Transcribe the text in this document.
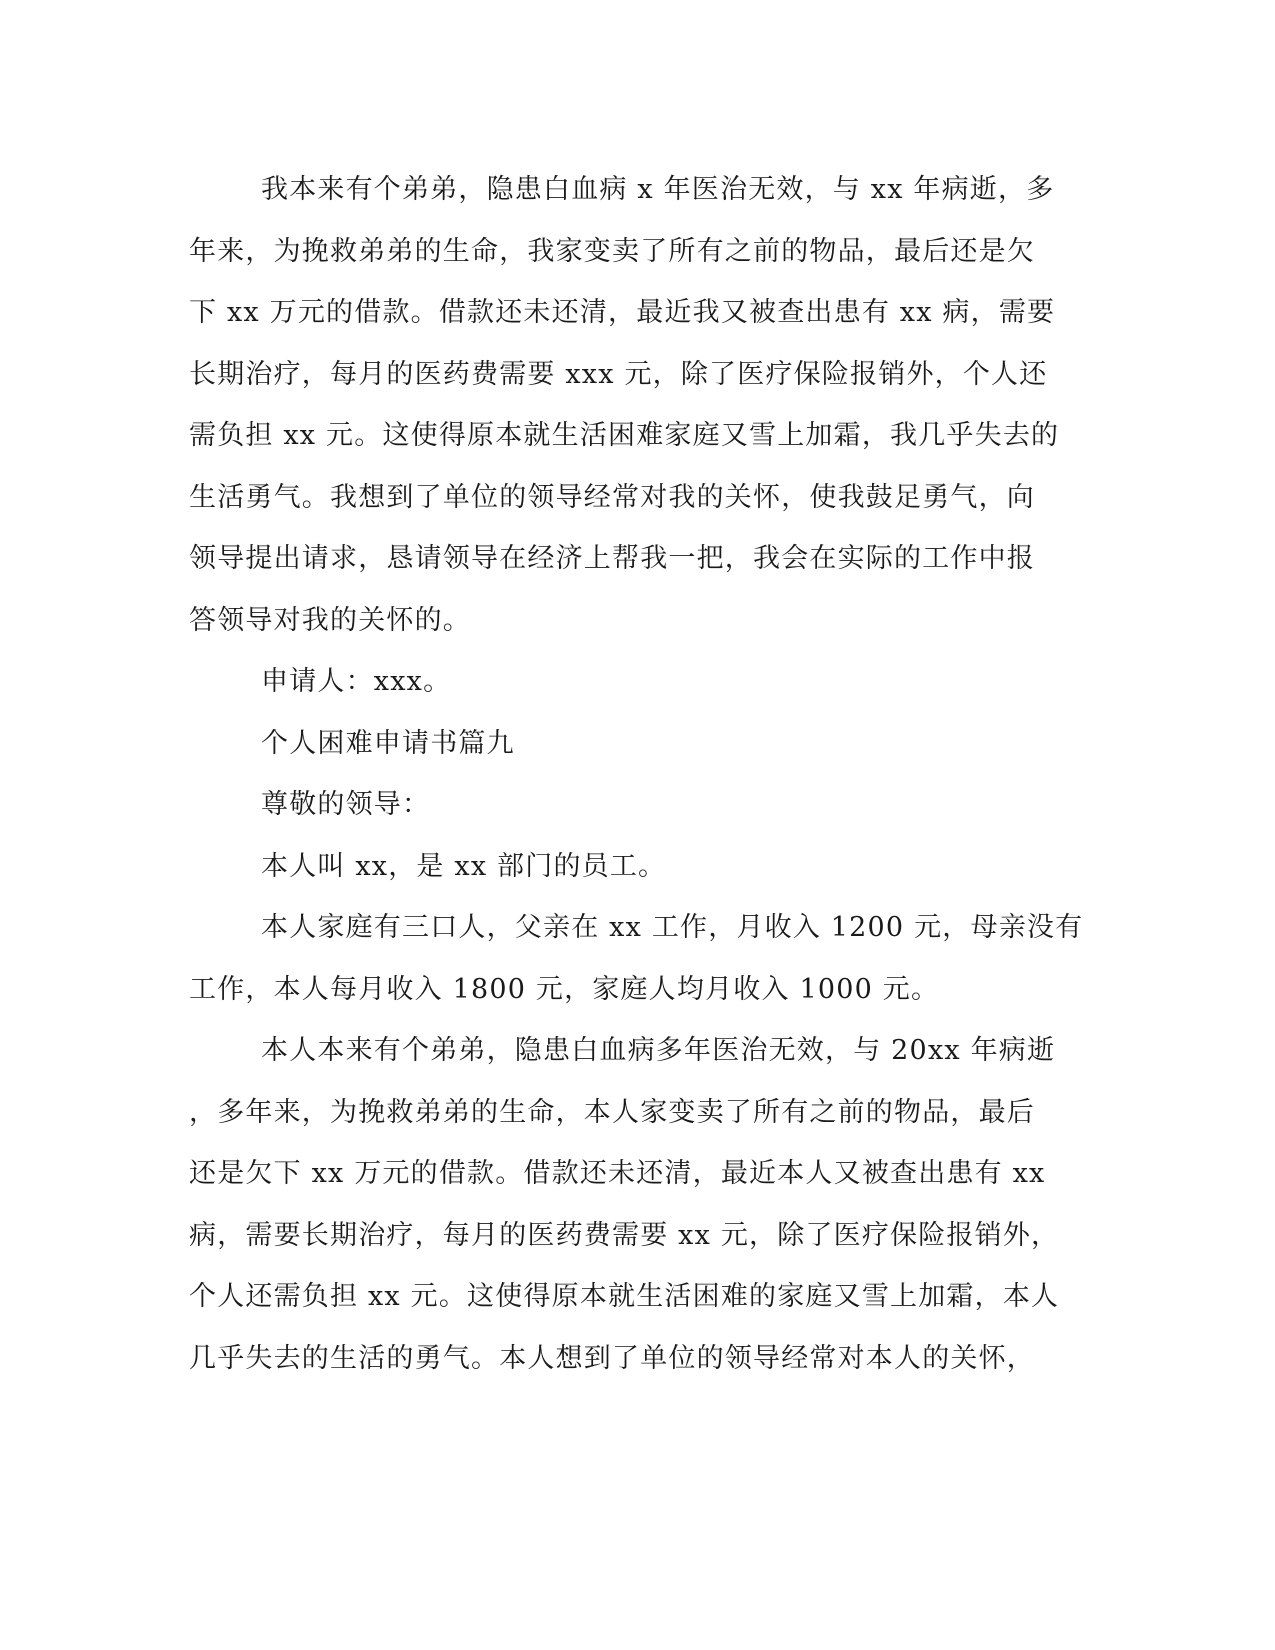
我本来有个弟弟，隐患白血病 x 年医治无效，与 xx 年病逝，多
年来，为挽救弟弟的生命，我家变卖了所有之前的物品，最后还是欠
下 xx 万元的借款。借款还未还清，最近我又被查出患有 xx 病，需要
长期治疗，每月的医药费需要 xxx 元，除了医疗保险报销外，个人还
需负担 xx 元。这使得原本就生活困难家庭又雪上加霜，我几乎失去的
生活勇气。我想到了单位的领导经常对我的关怀，使我鼓足勇气，向
领导提出请求，恳请领导在经济上帮我一把，我会在实际的工作中报
答领导对我的关怀的。
申请人：xxx。
个人困难申请书篇九
尊敬的领导：
本人叫 xx，是 xx 部门的员工。
本人家庭有三口人，父亲在 xx 工作，月收入 1200 元，母亲没有
工作，本人每月收入 1800 元，家庭人均月收入 1000 元。
本人本来有个弟弟，隐患白血病多年医治无效，与 20xx 年病逝
，多年来，为挽救弟弟的生命，本人家变卖了所有之前的物品，最后
还是欠下 xx 万元的借款。借款还未还清，最近本人又被查出患有 xx
病，需要长期治疗，每月的医药费需要 xx 元，除了医疗保险报销外，
个人还需负担 xx 元。这使得原本就生活困难的家庭又雪上加霜，本人
几乎失去的生活的勇气。本人想到了单位的领导经常对本人的关怀，
